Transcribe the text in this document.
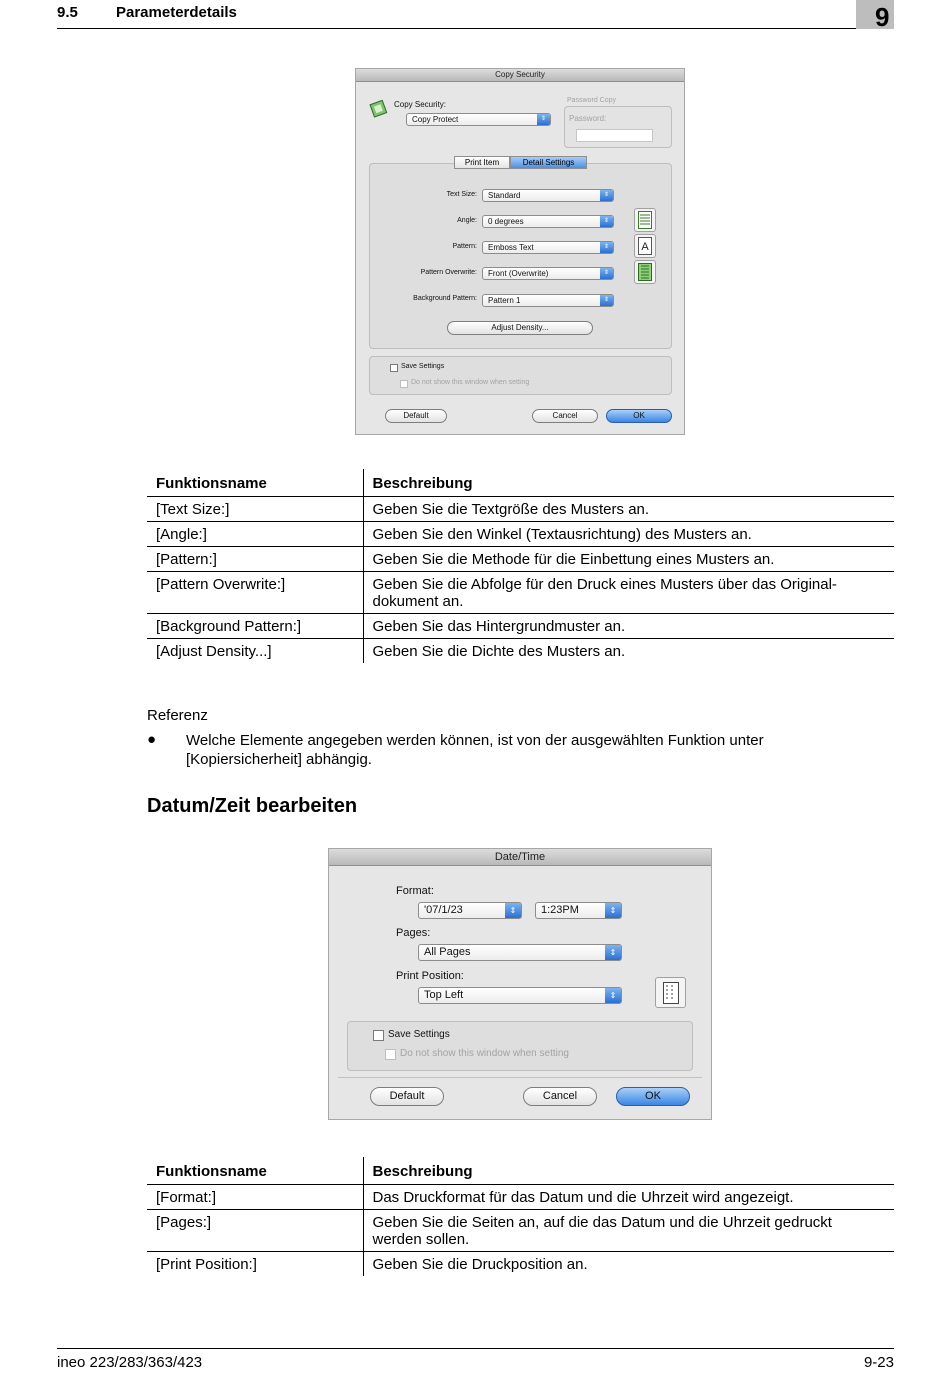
9.5	Parameterdetails	9
Copy Security
Copy Security:
Copy Protect	⇕
Password Copy
Password:
Print Item	Detail Settings
Text Size: Standard	⇕
Angle: 0 degrees	⇕
Pattern: Emboss Text	⇕
Pattern Overwrite: Front (Overwrite)	⇕
Background Pattern: Pattern 1	⇕
A
Adjust Density...
Save Settings
Do not show this window when setting
Default	Cancel	OK
Funktionsname	Beschreibung
[Text Size:]	Geben Sie die Textgröße des Musters an.
[Angle:]	Geben Sie den Winkel (Textausrichtung) des Musters an.
[Pattern:]	Geben Sie die Methode für die Einbettung eines Musters an.
[Pattern Overwrite:]	Geben Sie die Abfolge für den Druck eines Musters über das Original-dokument an.
[Background Pattern:]	Geben Sie das Hintergrundmuster an.
[Adjust Density...]	Geben Sie die Dichte des Musters an.
Referenz
● Welche Elemente angegeben werden können, ist von der ausgewählten Funktion unter [Kopiersicherheit] abhängig.
Datum/Zeit bearbeiten
Date/Time
Format:
'07/1/23	⇕	1:23PM	⇕
Pages:
All Pages	⇕
Print Position:
Top Left	⇕
Save Settings
Do not show this window when setting
Default	Cancel	OK
Funktionsname	Beschreibung
[Format:]	Das Druckformat für das Datum und die Uhrzeit wird angezeigt.
[Pages:]	Geben Sie die Seiten an, auf die das Datum und die Uhrzeit gedruckt werden sollen.
[Print Position:]	Geben Sie die Druckposition an.
ineo 223/283/363/423	9-23
